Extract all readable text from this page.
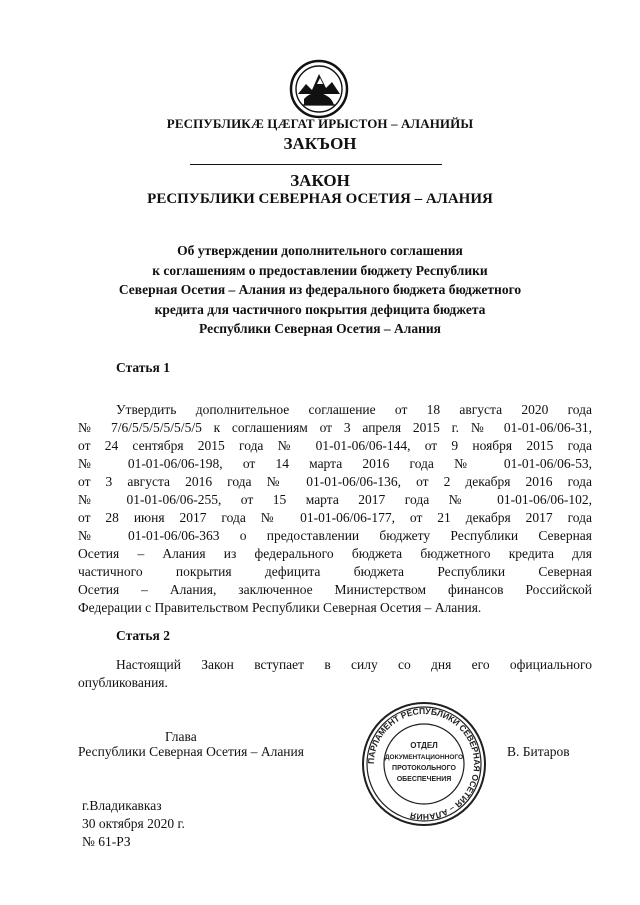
РЕСПУБЛИКӔ ЦӔГАТ ИРЫСТОН – АЛАНИЙЫ
ЗАКЪОН
ЗАКОН
РЕСПУБЛИКИ СЕВЕРНАЯ ОСЕТИЯ – АЛАНИЯ
Об утверждении дополнительного соглашения
к соглашениям о предоставлении бюджету Республики
Северная Осетия – Алания из федерального бюджета бюджетного
кредита для частичного покрытия дефицита бюджета
Республики Северная Осетия – Алания
Статья 1
Утвердить дополнительное соглашение от 18 августа 2020 года
№ 7/6/5/5/5/5/5/5/5 к соглашениям от 3 апреля 2015 г. № 01-01-06/06-31,
от 24 сентября 2015 года № 01-01-06/06-144, от 9 ноября 2015 года
№ 01-01-06/06-198, от 14 марта 2016 года № 01-01-06/06-53,
от 3 августа 2016 года № 01-01-06/06-136, от 2 декабря 2016 года
№ 01-01-06/06-255, от 15 марта 2017 года № 01-01-06/06-102,
от 28 июня 2017 года № 01-01-06/06-177, от 21 декабря 2017 года
№ 01-01-06/06-363 о предоставлении бюджету Республики Северная
Осетия – Алания из федерального бюджета бюджетного кредита для
частичного покрытия дефицита бюджета Республики Северная
Осетия – Алания, заключенное Министерством финансов Российской
Федерации с Правительством Республики Северная Осетия – Алания.
Статья 2
Настоящий Закон вступает в силу со дня его официального
опубликования.
Глава
Республики Северная Осетия – Алания
ПАРЛАМЕНТ РЕСПУБЛИКИ СЕВЕРНАЯ ОСЕТИЯ – АЛАНИЯ
ОТДЕЛ
ДОКУМЕНТАЦИОННОГО
ПРОТОКОЛЬНОГО
ОБЕСПЕЧЕНИЯ
В. Битаров
г.Владикавказ
30 октября 2020 г.
№ 61-РЗ
